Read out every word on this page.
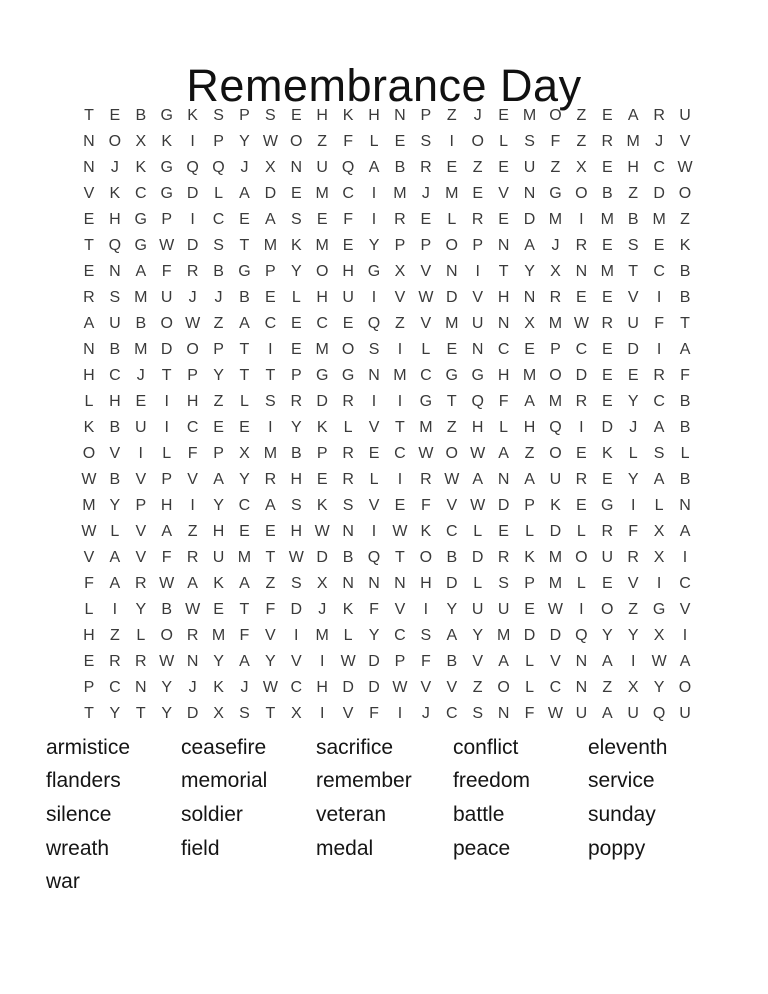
Remembrance Day
T E B G K S P S E H K H N P Z	J	E M O Z E A R U
N O X K	I	P Y W O Z	F	L	E S	I	O L	S F	Z R M J	V
N	J	K G Q Q J	X N U Q A B R E Z E U Z X E H C W
V K C G D L	A D E M C	I	M J M E V N G O B Z D O
E H G P	I	C E A S E F	I	R E	L R E D M	I	M B M Z
T Q G W D S T M K M E Y P P O P N A	J	R E S E K
E N A F R B G P Y O H G X V N	I	T Y X N M T C B
R S M U	J	J	B E	L H U	I	V W D V H N R E E V	I	B
A U B O W Z A C E C E Q Z V M U N X M W R U F	T
N B M D O P T	I	E M O S	I	L	E N C E P C E D	I	A
H C	J	T P Y T	T P G G N M C G G H M O D E E R F
L H E	I	H Z	L	S R D R	I	I	G T Q F A M R E Y C B
K B U	I	C E E	I	Y K	L	V T M Z H L H Q	I	D	J	A B
O V	I	L	F P X M B P R E C W O W A Z O E K	L	S	L
W B V P V A Y R H E R L	I	R W A N A U R E Y A B
M Y P H	I	Y C A S K S V E F V W D P K E G	I	L N
W L	V A Z H E E H W N	I	W K C L	E	L D L R F X A
V A V F R U M T W D B Q T O B D R K M O U R X	I
F A R W A K A Z S X N N N H D L	S P M L	E V	I	C
L	I	Y B W E T	F D	J	K F V	I	Y U U E W	I	O Z G V
H Z	L O R M F V	I	M L	Y C S A Y M D D Q Y Y X	I
E R R W N Y A Y V	I	W D P F B V A	L	V N A	I	W A
P C N Y	J	K	J W C H D D W V V Z O L C N Z X Y O
T Y T Y D X S T X	I	V F	I	J	C S N F W U A U Q U
armistice	ceasefire	sacrifice	conflict	eleventh
flanders	memorial	remember	freedom	service
silence	soldier	veteran	battle	sunday
wreath	field	medal	peace	poppy
war
